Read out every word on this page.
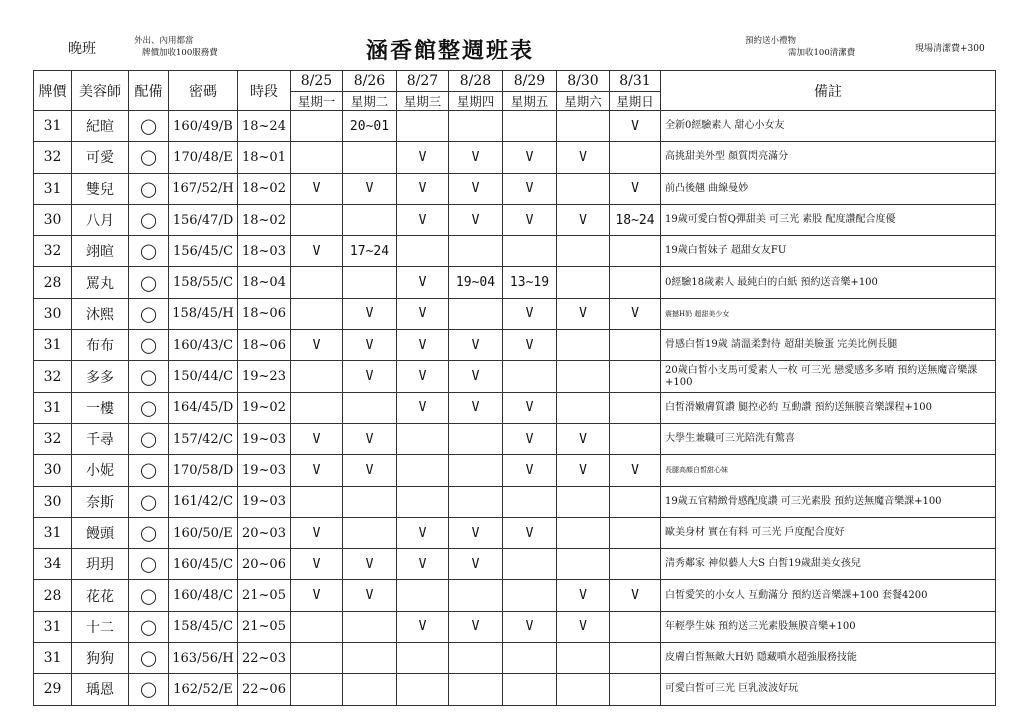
晚班	外出、內用都當
牌價加收100服務費	涵香館整週班表	預約送小禮物
需加收100清潔費	現場清潔費+300
牌價	美容師	配備	密碼	時段	8/25	8/26	8/27	8/28	8/29	8/30	8/31	備註
					星期一	星期二	星期三	星期四	星期五	星期六	星期日	
31	紀暄	◯	160/49/B	18~24		20~01					V	全新0經驗素人 甜心小女友
32	可愛	◯	170/48/E	18~01			V	V	V	V		高挑甜美外型 顏質閃亮滿分
31	雙兒	◯	167/52/H	18~02	V	V	V	V	V		V	前凸後翹 曲線曼妙
30	八月	◯	156/47/D	18~02			V	V	V	V	18~24	19歲可愛白皙Q彈甜美 可三光 素股 配度讚配合度優
32	翊暄	◯	156/45/C	18~03	V	17~24						19歲白皙妹子 超甜女友FU
28	罵丸	◯	158/55/C	18~04			V	19~04	13~19			0經驗18歲素人 最純白的白紙 預約送音樂+100
30	沐熙	◯	158/45/H	18~06		V	V		V	V	V	震撼H奶 超甜美少女
31	布布	◯	160/43/C	18~06	V	V	V	V	V			骨感白皙19歲 請溫柔對待 超甜美臉蛋 完美比例長腿
32	多多	◯	150/44/C	19~23		V	V	V				20歲白皙小支馬可愛素人一枚 可三光 戀愛感多多唷 預約送無魔音樂課+100
31	一樓	◯	164/45/D	19~02			V	V	V			白皙滑嫩膚質讚 腿控必約 互動讚 預約送無膜音樂課程+100
32	千尋	◯	157/42/C	19~03	V	V			V	V		大學生兼職可三光陪洗有驚喜
30	小妮	◯	170/58/D	19~03	V	V			V	V	V	長腿高顏白皙甜心妹
30	奈斯	◯	161/42/C	19~03								19歲五官精緻骨感配度讚 可三光素股 預約送無魔音樂課+100
31	饅頭	◯	160/50/E	20~03	V		V	V	V			歐美身材 實在有料 可三光 戶度配合度好
34	玥玥	◯	160/45/C	20~06	V	V	V	V				清秀鄰家 神似藝人大S 白皙19歲甜美女孩兒
28	花花	◯	160/48/C	21~05	V	V				V	V	白皙愛笑的小女人 互動滿分 預約送音樂課+100 套餐4200
31	十二	◯	158/45/C	21~05			V	V	V	V		年輕學生妹 預約送三光素股無膜音樂+100
31	狗狗	◯	163/56/H	22~03								皮膚白皙無敵大H奶 隱藏噴水超強服務技能
29	瑀恩	◯	162/52/E	22~06								可愛白皙可三光 巨乳波波好玩
